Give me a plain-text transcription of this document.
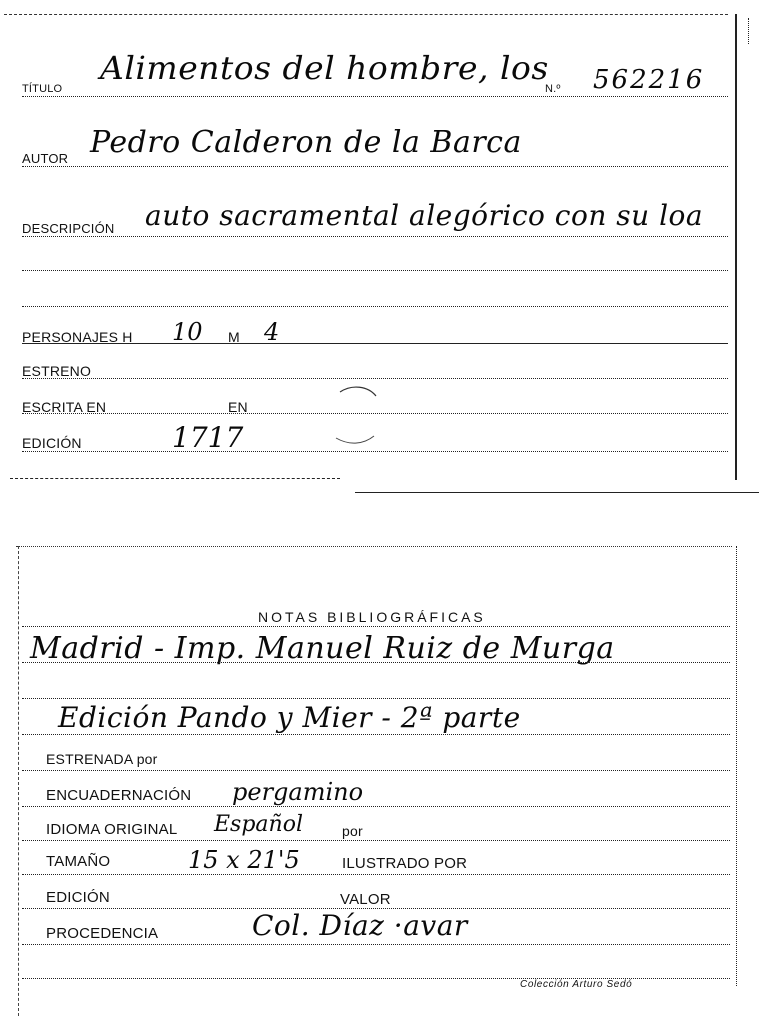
TÍTULO
Alimentos del hombre, los
N.º 562216
AUTOR Pedro Calderon de la Barca
DESCRIPCIÓN auto sacramental alegórico con su loa
PERSONAJES H 10 M 4
ESTRENO
ESCRITA EN	EN
EDICIÓN	1717
NOTAS BIBLIOGRÁFICAS
Madrid - Imp. Manuel Ruiz de Murga
Edición Pando y Mier - 2ª parte
ESTRENADA por
ENCUADERNACIÓN pergamino
IDIOMA ORIGINAL Español	por
TAMAÑO	15 x 21'5	ILUSTRADO POR
EDICIÓN	VALOR
PROCEDENCIA	Col. Díaz ·avar
Colección Arturo Sedó
